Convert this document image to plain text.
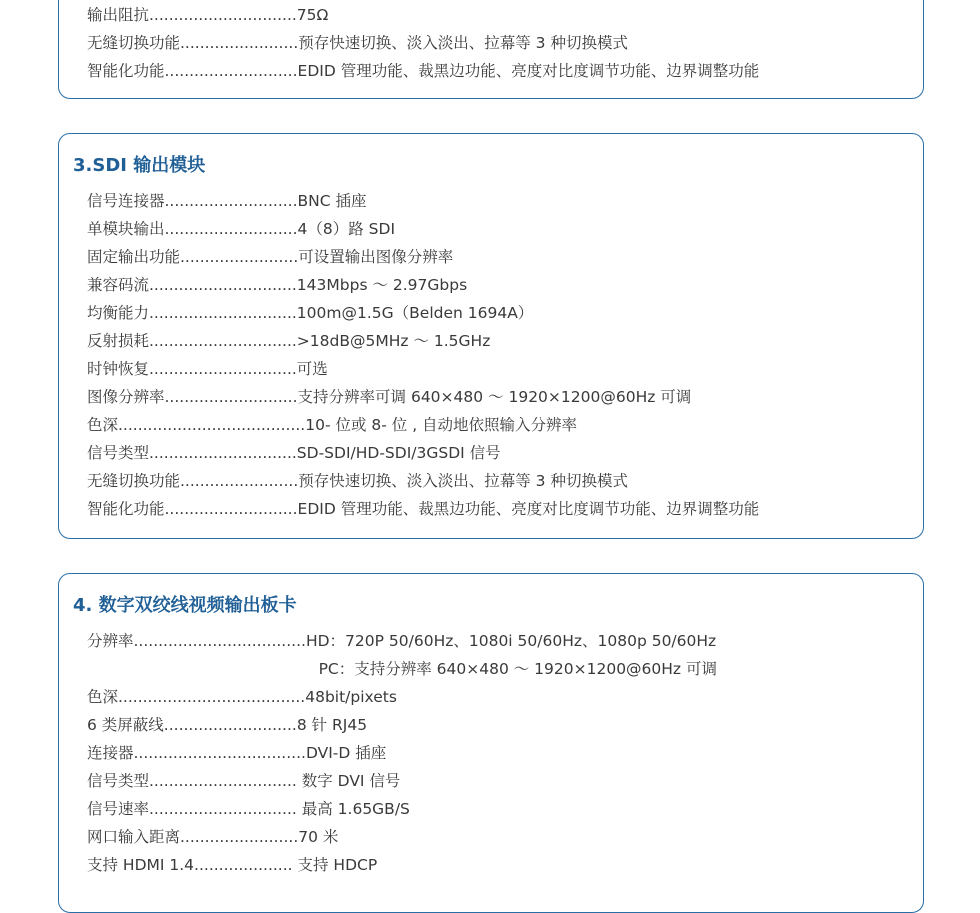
输出阻抗..............................75Ω
无缝切换功能........................预存快速切换、淡入淡出、拉幕等 3 种切换模式
智能化功能...........................EDID 管理功能、裁黑边功能、亮度对比度调节功能、边界调整功能
3.SDI 输出模块
信号连接器...........................BNC 插座
单模块输出...........................4（8）路 SDI
固定输出功能........................可设置输出图像分辨率
兼容码流..............................143Mbps ～ 2.97Gbps
均衡能力..............................100m@1.5G（Belden 1694A）
反射损耗..............................>18dB@5MHz ～ 1.5GHz
时钟恢复..............................可选
图像分辨率...........................支持分辨率可调 640×480 ～ 1920×1200@60Hz 可调
色深......................................10- 位或 8- 位 , 自动地依照输入分辨率
信号类型..............................SD-SDI/HD-SDI/3GSDI 信号
无缝切换功能........................预存快速切换、淡入淡出、拉幕等 3 种切换模式
智能化功能...........................EDID 管理功能、裁黑边功能、亮度对比度调节功能、边界调整功能
4. 数字双绞线视频输出板卡
分辨率...................................HD：720P 50/60Hz、1080i 50/60Hz、1080p 50/60Hz
PC：支持分辨率 640×480 ～ 1920×1200@60Hz 可调
色深......................................48bit/pixets
6 类屏蔽线...........................8 针 RJ45
连接器...................................DVI-D 插座
信号类型.............................. 数字 DVI 信号
信号速率.............................. 最高 1.65GB/S
网口输入距离........................70 米
支持 HDMI 1.4.................... 支持 HDCP
